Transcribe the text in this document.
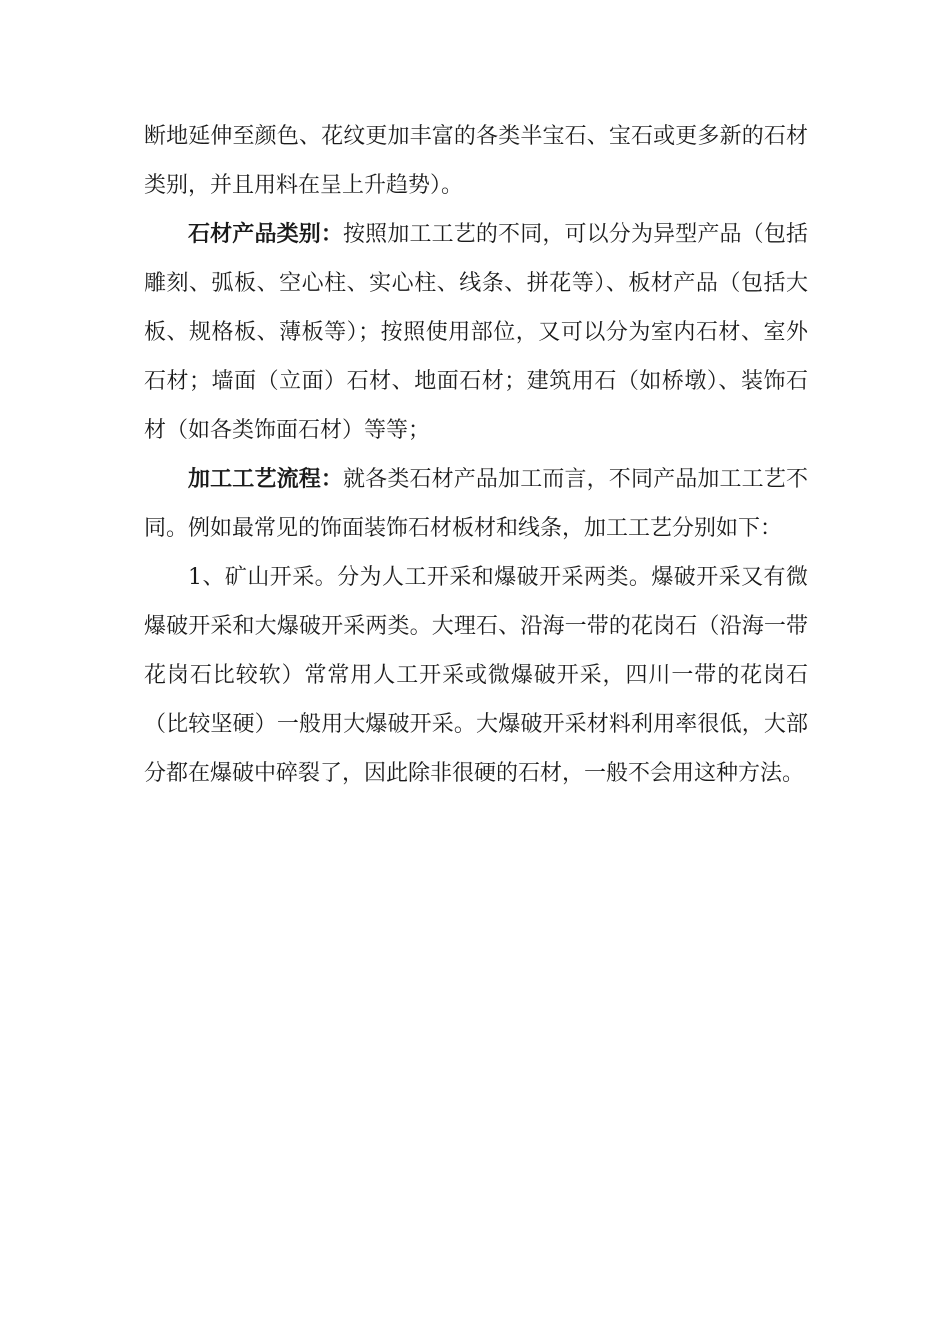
断地延伸至颜色、花纹更加丰富的各类半宝石、宝石或更多新的石材类别，并且用料在呈上升趋势）。

石材产品类别：按照加工工艺的不同，可以分为异型产品（包括雕刻、弧板、空心柱、实心柱、线条、拼花等）、板材产品（包括大板、规格板、薄板等）；按照使用部位，又可以分为室内石材、室外石材；墙面（立面）石材、地面石材；建筑用石（如桥墩）、装饰石材（如各类饰面石材）等等；

加工工艺流程：就各类石材产品加工而言，不同产品加工工艺不同。例如最常见的饰面装饰石材板材和线条，加工工艺分别如下：

1、矿山开采。分为人工开采和爆破开采两类。爆破开采又有微爆破开采和大爆破开采两类。大理石、沿海一带的花岗石（沿海一带花岗石比较软）常常用人工开采或微爆破开采，四川一带的花岗石（比较坚硬）一般用大爆破开采。大爆破开采材料利用率很低，大部分都在爆破中碎裂了，因此除非很硬的石材，一般不会用这种方法。
